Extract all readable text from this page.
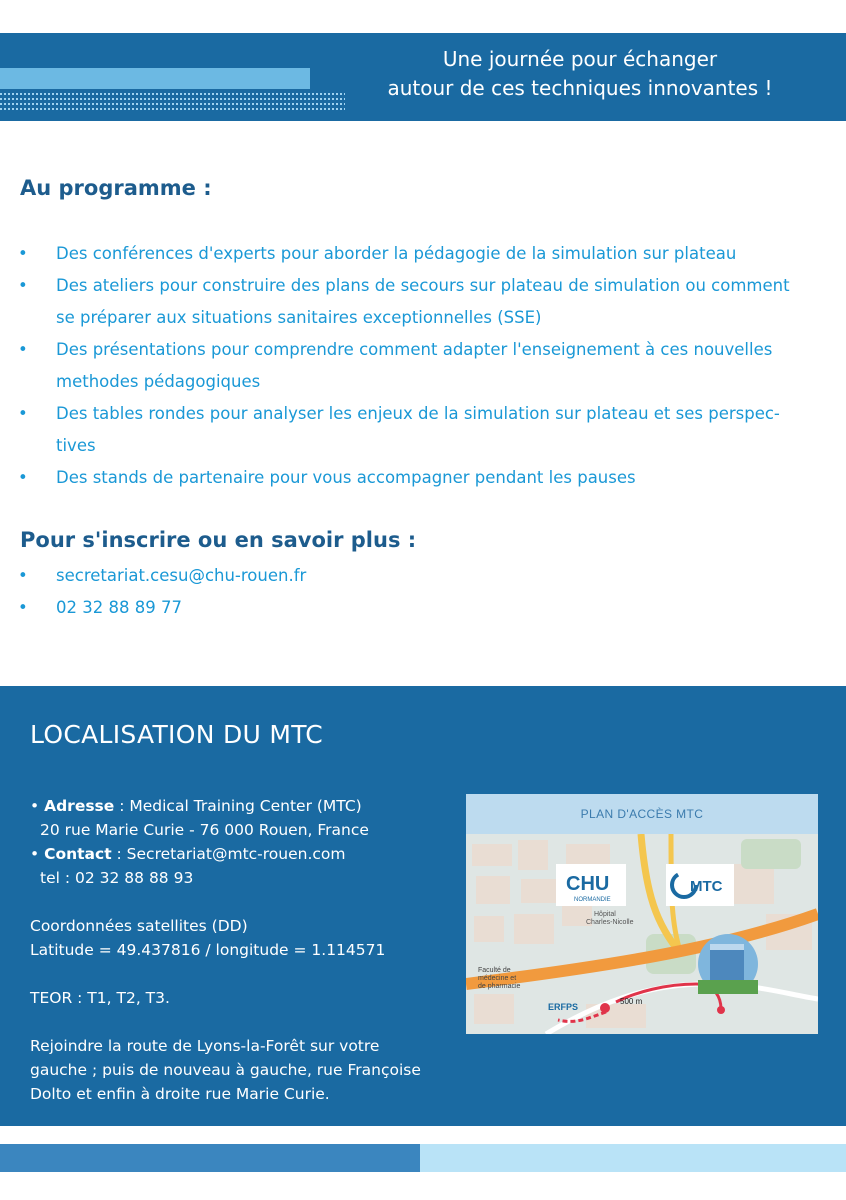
Une journée pour échanger
autour de ces techniques innovantes !
Au programme :
• Des conférences d'experts pour aborder la pédagogie de la simulation sur plateau
• Des ateliers pour construire des plans de secours sur plateau de simulation ou comment
se préparer aux situations sanitaires exceptionnelles (SSE)
• Des présentations pour comprendre comment adapter l'enseignement à ces nouvelles
methodes pédagogiques
• Des tables rondes pour analyser les enjeux de la simulation sur plateau et ses perspec-
tives
• Des stands de partenaire pour vous accompagner pendant les pauses
Pour s'inscrire ou en savoir plus :
• secretariat.cesu@chu-rouen.fr
• 02 32 88 89 77
LOCALISATION DU MTC
• Adresse : Medical Training Center (MTC)
20 rue Marie Curie - 76 000 Rouen, France
• Contact : Secretariat@mtc-rouen.com
tel : 02 32 88 88 93
Coordonnées satellites (DD)
Latitude = 49.437816 / longitude = 1.114571
TEOR : T1, T2, T3.
Rejoindre la route de Lyons-la-Forêt sur votre
gauche ; puis de nouveau à gauche, rue Françoise
Dolto et enfin à droite rue Marie Curie.
PLAN D'ACCÈS MTC
CHU
NORMANDIE
Hôpital
Charles-Nicolle
MTC
Faculté de
médecine et
de pharmacie
ERFPS
500 m
